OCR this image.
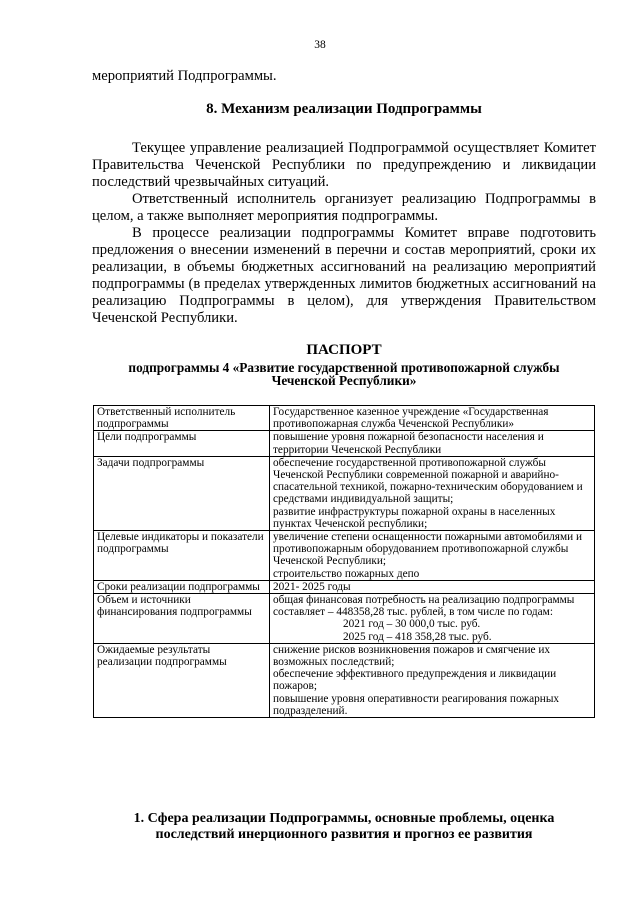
38

мероприятий Подпрограммы.

8. Механизм реализации Подпрограммы

Текущее управление реализацией Подпрограммой осуществляет Комитет Правительства Чеченской Республики по предупреждению и ликвидации последствий чрезвычайных ситуаций.

Ответственный исполнитель организует реализацию Подпрограммы в целом, а также выполняет мероприятия подпрограммы.

В процессе реализации подпрограммы Комитет вправе подготовить предложения о внесении изменений в перечни и состав мероприятий, сроки их реализации, в объемы бюджетных ассигнований на реализацию мероприятий подпрограммы (в пределах утвержденных лимитов бюджетных ассигнований на реализацию Подпрограммы в целом), для утверждения Правительством Чеченской Республики.

ПАСПОРТ

подпрограммы 4 «Развитие государственной противопожарной службы

Чеченской Республики»

Ответственный исполнитель подпрограммы	Государственное казенное учреждение «Государственная противопожарная служба Чеченской Республики»

Цели подпрограммы	повышение уровня пожарной безопасности населения и территории Чеченской Республики

Задачи подпрограммы	обеспечение государственной противопожарной службы Чеченской Республики современной пожарной и аварийно-спасательной техникой, пожарно-техническим оборудованием и средствами индивидуальной защиты;
развитие инфраструктуры пожарной охраны в населенных пунктах Чеченской республики;

Целевые индикаторы и показатели подпрограммы	увеличение степени оснащенности пожарными автомобилями и противопожарным оборудованием противопожарной службы Чеченской Республики;
строительство пожарных депо

Сроки реализации подпрограммы	2021- 2025 годы

Объем и источники финансирования подпрограммы	общая финансовая потребность на реализацию подпрограммы составляет – 448358,28 тыс. рублей, в том числе по годам:
2021 год – 30 000,0 тыс. руб.
2025 год – 418 358,28 тыс. руб.

Ожидаемые результаты реализации подпрограммы	снижение рисков возникновения пожаров и смягчение их возможных последствий;
обеспечение эффективного предупреждения и ликвидации пожаров;
повышение уровня оперативности реагирования пожарных подразделений.

1. Сфера реализации Подпрограммы, основные проблемы, оценка

последствий инерционного развития и прогноз ее развития
